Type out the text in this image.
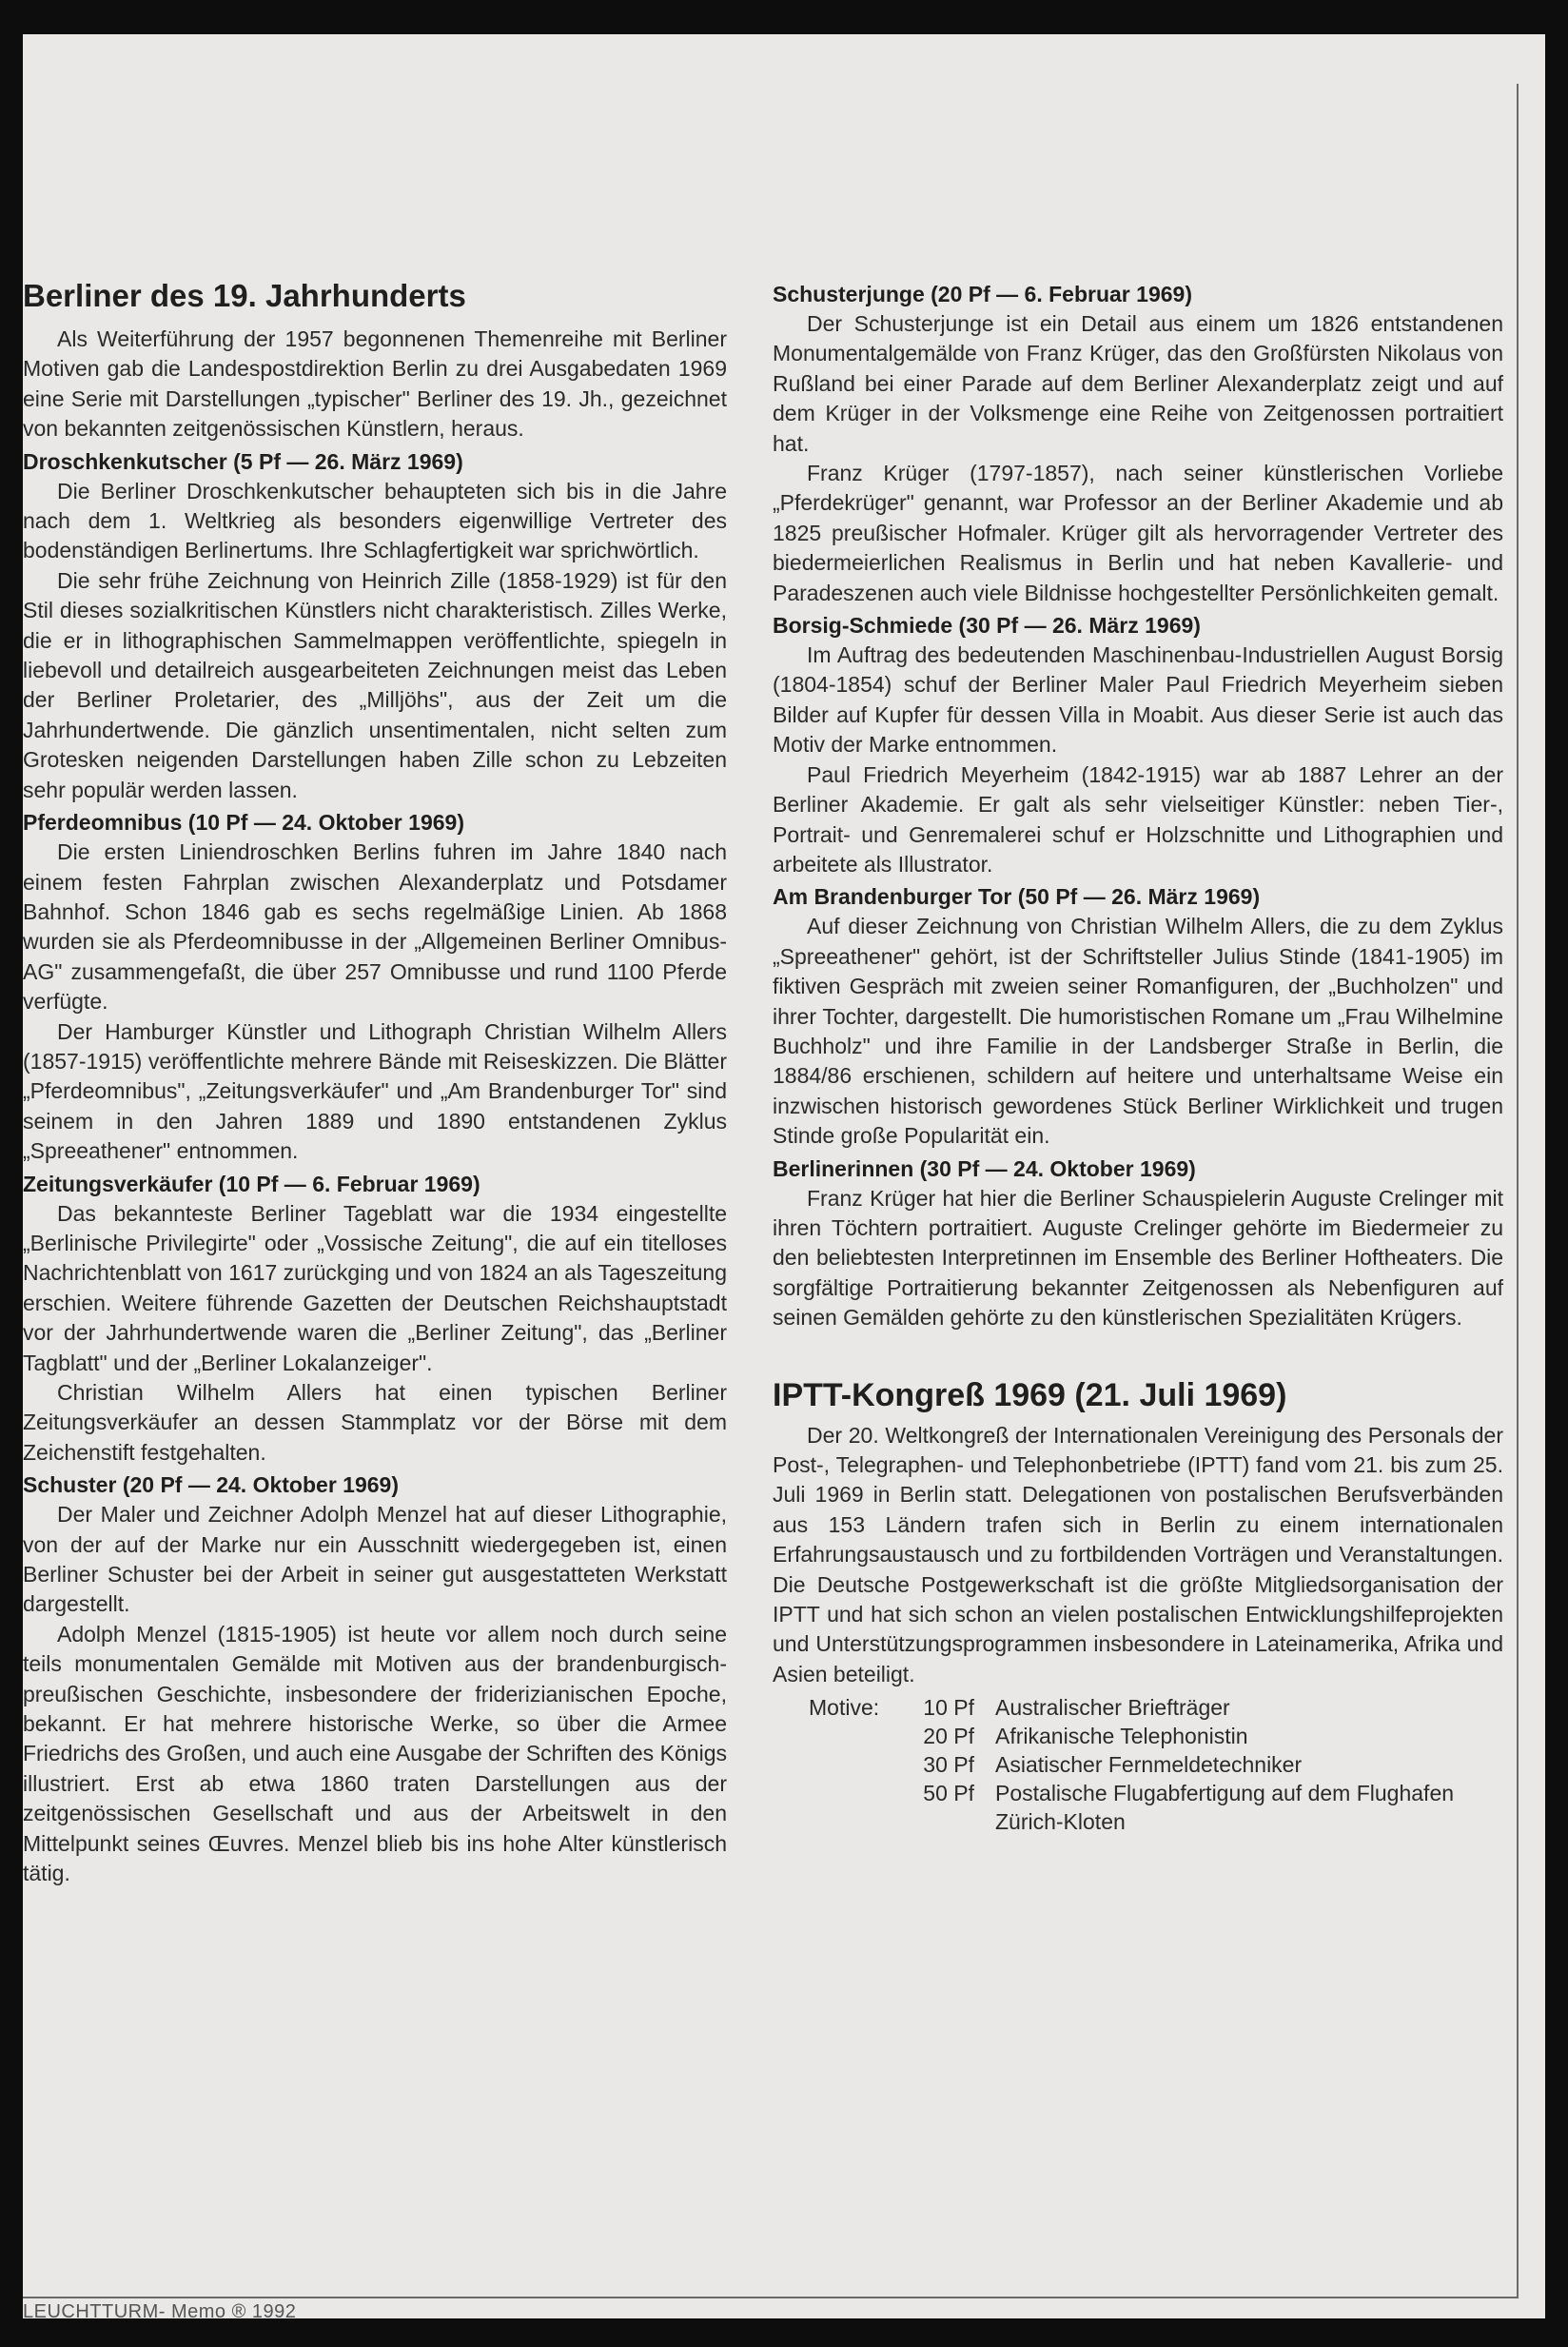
Berliner des 19. Jahrhunderts

Als Weiterführung der 1957 begonnenen Themenreihe mit Berliner Motiven gab die Landespostdirektion Berlin zu drei Ausgabedaten 1969 eine Serie mit Darstellungen „typischer" Berliner des 19. Jh., gezeichnet von bekannten zeitgenössischen Künstlern, heraus.

Droschkenkutscher (5 Pf — 26. März 1969)

Die Berliner Droschkenkutscher behaupteten sich bis in die Jahre nach dem 1. Weltkrieg als besonders eigenwillige Vertreter des bodenständigen Berlinertums. Ihre Schlagfertigkeit war sprichwörtlich.

Die sehr frühe Zeichnung von Heinrich Zille (1858-1929) ist für den Stil dieses sozialkritischen Künstlers nicht charakteristisch. Zilles Werke, die er in lithographischen Sammelmappen veröffentlichte, spiegeln in liebevoll und detailreich ausgearbeiteten Zeichnungen meist das Leben der Berliner Proletarier, des „Milljöhs", aus der Zeit um die Jahrhundertwende. Die gänzlich unsentimentalen, nicht selten zum Grotesken neigenden Darstellungen haben Zille schon zu Lebzeiten sehr populär werden lassen.

Pferdeomnibus (10 Pf — 24. Oktober 1969)

Die ersten Liniendroschken Berlins fuhren im Jahre 1840 nach einem festen Fahrplan zwischen Alexanderplatz und Potsdamer Bahnhof. Schon 1846 gab es sechs regelmäßige Linien. Ab 1868 wurden sie als Pferdeomnibusse in der „Allgemeinen Berliner Omnibus-AG" zusammengefaßt, die über 257 Omnibusse und rund 1100 Pferde verfügte.

Der Hamburger Künstler und Lithograph Christian Wilhelm Allers (1857-1915) veröffentlichte mehrere Bände mit Reiseskizzen. Die Blätter „Pferdeomnibus", „Zeitungsverkäufer" und „Am Brandenburger Tor" sind seinem in den Jahren 1889 und 1890 entstandenen Zyklus „Spreeathener" entnommen.

Zeitungsverkäufer (10 Pf — 6. Februar 1969)

Das bekannteste Berliner Tageblatt war die 1934 eingestellte „Berlinische Privilegirte" oder „Vossische Zeitung", die auf ein titelloses Nachrichtenblatt von 1617 zurückging und von 1824 an als Tageszeitung erschien. Weitere führende Gazetten der Deutschen Reichshauptstadt vor der Jahrhundertwende waren die „Berliner Zeitung", das „Berliner Tagblatt" und der „Berliner Lokalanzeiger".

Christian Wilhelm Allers hat einen typischen Berliner Zeitungsverkäufer an dessen Stammplatz vor der Börse mit dem Zeichenstift festgehalten.

Schuster (20 Pf — 24. Oktober 1969)

Der Maler und Zeichner Adolph Menzel hat auf dieser Lithographie, von der auf der Marke nur ein Ausschnitt wiedergegeben ist, einen Berliner Schuster bei der Arbeit in seiner gut ausgestatteten Werkstatt dargestellt.

Adolph Menzel (1815-1905) ist heute vor allem noch durch seine teils monumentalen Gemälde mit Motiven aus der brandenburgisch-preußischen Geschichte, insbesondere der friderizianischen Epoche, bekannt. Er hat mehrere historische Werke, so über die Armee Friedrichs des Großen, und auch eine Ausgabe der Schriften des Königs illustriert. Erst ab etwa 1860 traten Darstellungen aus der zeitgenössischen Gesellschaft und aus der Arbeitswelt in den Mittelpunkt seines Œuvres. Menzel blieb bis ins hohe Alter künstlerisch tätig.

Schusterjunge (20 Pf — 6. Februar 1969)

Der Schusterjunge ist ein Detail aus einem um 1826 entstandenen Monumentalgemälde von Franz Krüger, das den Großfürsten Nikolaus von Rußland bei einer Parade auf dem Berliner Alexanderplatz zeigt und auf dem Krüger in der Volksmenge eine Reihe von Zeitgenossen portraitiert hat.

Franz Krüger (1797-1857), nach seiner künstlerischen Vorliebe „Pferdekrüger" genannt, war Professor an der Berliner Akademie und ab 1825 preußischer Hofmaler. Krüger gilt als hervorragender Vertreter des biedermeierlichen Realismus in Berlin und hat neben Kavallerie- und Paradeszenen auch viele Bildnisse hochgestellter Persönlichkeiten gemalt.

Borsig-Schmiede (30 Pf — 26. März 1969)

Im Auftrag des bedeutenden Maschinenbau-Industriellen August Borsig (1804-1854) schuf der Berliner Maler Paul Friedrich Meyerheim sieben Bilder auf Kupfer für dessen Villa in Moabit. Aus dieser Serie ist auch das Motiv der Marke entnommen.

Paul Friedrich Meyerheim (1842-1915) war ab 1887 Lehrer an der Berliner Akademie. Er galt als sehr vielseitiger Künstler: neben Tier-, Portrait- und Genremalerei schuf er Holzschnitte und Lithographien und arbeitete als Illustrator.

Am Brandenburger Tor (50 Pf — 26. März 1969)

Auf dieser Zeichnung von Christian Wilhelm Allers, die zu dem Zyklus „Spreeathener" gehört, ist der Schriftsteller Julius Stinde (1841-1905) im fiktiven Gespräch mit zweien seiner Romanfiguren, der „Buchholzen" und ihrer Tochter, dargestellt. Die humoristischen Romane um „Frau Wilhelmine Buchholz" und ihre Familie in der Landsberger Straße in Berlin, die 1884/86 erschienen, schildern auf heitere und unterhaltsame Weise ein inzwischen historisch gewordenes Stück Berliner Wirklichkeit und trugen Stinde große Popularität ein.

Berlinerinnen (30 Pf — 24. Oktober 1969)

Franz Krüger hat hier die Berliner Schauspielerin Auguste Crelinger mit ihren Töchtern portraitiert. Auguste Crelinger gehörte im Biedermeier zu den beliebtesten Interpretinnen im Ensemble des Berliner Hoftheaters. Die sorgfältige Portraitierung bekannter Zeitgenossen als Nebenfiguren auf seinen Gemälden gehörte zu den künstlerischen Spezialitäten Krügers.

IPTT-Kongreß 1969 (21. Juli 1969)

Der 20. Weltkongreß der Internationalen Vereinigung des Personals der Post-, Telegraphen- und Telephonbetriebe (IPTT) fand vom 21. bis zum 25. Juli 1969 in Berlin statt. Delegationen von postalischen Berufsverbänden aus 153 Ländern trafen sich in Berlin zu einem internationalen Erfahrungsaustausch und zu fortbildenden Vorträgen und Veranstaltungen. Die Deutsche Postgewerkschaft ist die größte Mitgliedsorganisation der IPTT und hat sich schon an vielen postalischen Entwicklungshilfeprojekten und Unterstützungsprogrammen insbesondere in Lateinamerika, Afrika und Asien beteiligt.

Motive:	10 Pf Australischer Briefträger
20 Pf Afrikanische Telephonistin
30 Pf Asiatischer Fernmeldetechniker
50 Pf Postalische Flugabfertigung auf dem Flughafen Zürich-Kloten
LEUCHTTURM- Memo ® 1992
